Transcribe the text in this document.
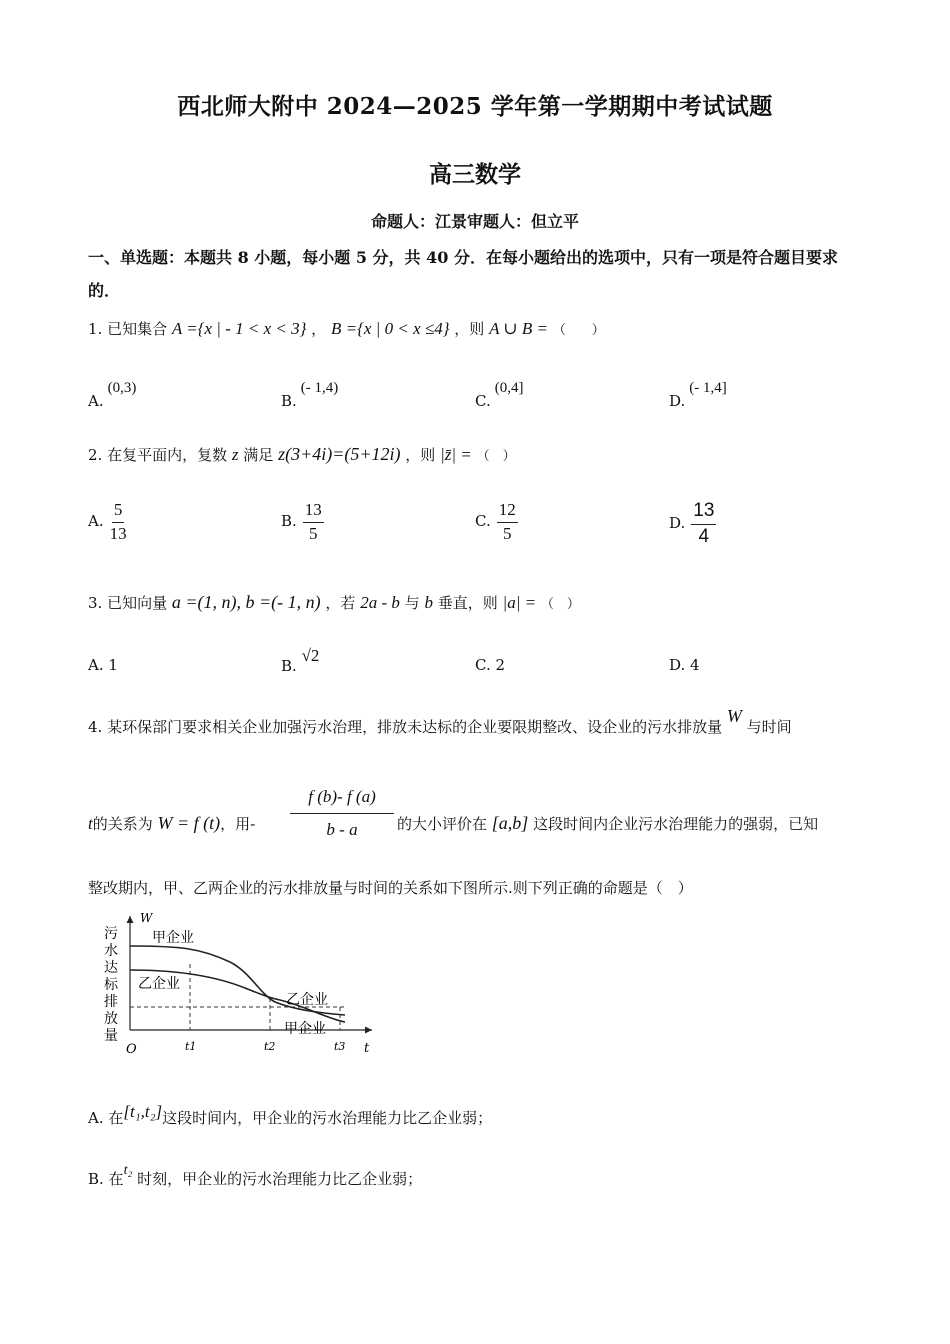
西北师大附中 2024—2025 学年第一学期期中考试试题
高三数学
命题人：江景审题人：但立平
一、单选题：本题共 8 小题，每小题 5 分，共 40 分．在每小题给出的选项中，只有一项是符合题目要求的．
1. 已知集合 A ={x | - 1 < x < 3} ， B ={x | 0 < x ≤4} ，则 A ∪ B = （　　）
A.(0,3)
B.(- 1,4)
C.(0,4]
D.(- 1,4]
2. 在复平面内，复数 z 满足 z(3+4i)=(5+12i) ，则 |z̄| = （　）
A. $\frac{5}{13}$	B. $\frac{13}{5}$	C. $\frac{12}{5}$	D. $\frac{13}{4}$
3. 已知向量 a =(1, n), b =(- 1, n) ，若 2a - b 与 b 垂直，则 |a| = （　）
A. 1	B. √2	C. 2	D. 4
4. 某环保部门要求相关企业加强污水治理，排放未达标的企业要限期整改、设企业的污水排放量 W 与时间
t的关系为 W = f (t)，用- $\frac{f (b)- f (a)}{b - a}$ 的大小评价在 [a,b] 这段时间内企业污水治理能力的强弱，已知
整改期内，甲、乙两企业的污水排放量与时间的关系如下图所示.则下列正确的命题是（　）
W
t
O
污
水
达
标
排
放
量
t1	t2	t3
甲企业
乙企业
乙企业
甲企业
A. 在[t₁,t₂]这段时间内，甲企业的污水治理能力比乙企业弱；
B. 在t₂ 时刻，甲企业的污水治理能力比乙企业弱；
